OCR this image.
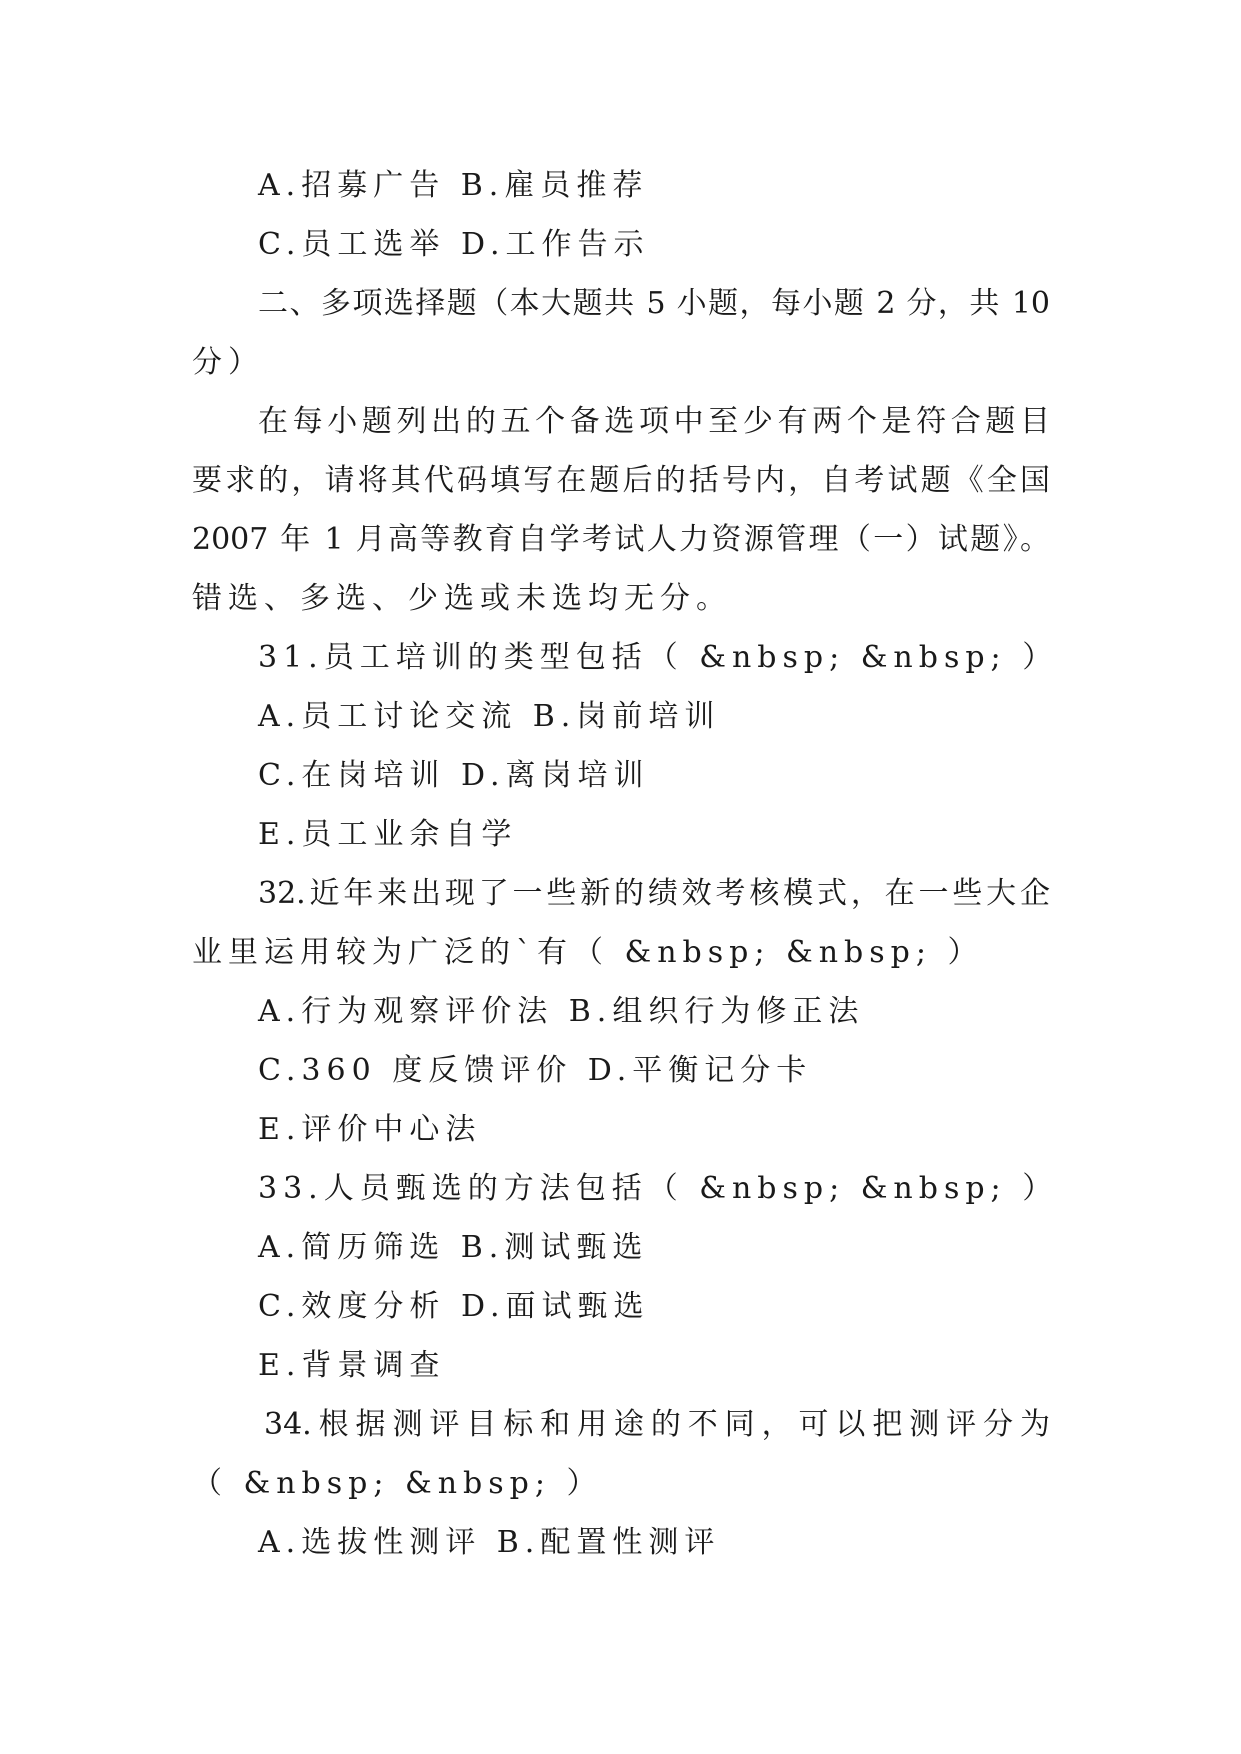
A.招募广告 B.雇员推荐
C.员工选举 D.工作告示
二、多项选择题（本大题共 5 小题，每小题 2 分，共 10
分）
在每小题列出的五个备选项中至少有两个是符合题目
要求的，请将其代码填写在题后的括号内，自考试题《全国
2007 年 1 月高等教育自学考试人力资源管理（一）试题》。
错选、多选、少选或未选均无分。
31.员工培训的类型包括（ &nbsp; &nbsp; ）
A.员工讨论交流 B.岗前培训
C.在岗培训 D.离岗培训
E.员工业余自学
32.近年来出现了一些新的绩效考核模式，在一些大企
业里运用较为广泛的`有（ &nbsp; &nbsp; ）
A.行为观察评价法 B.组织行为修正法
C.360 度反馈评价 D.平衡记分卡
E.评价中心法
33.人员甄选的方法包括（ &nbsp; &nbsp; ）
A.简历筛选 B.测试甄选
C.效度分析 D.面试甄选
E.背景调查
34.根据测评目标和用途的不同，可以把测评分为
（ &nbsp; &nbsp; ）
A.选拔性测评 B.配置性测评
